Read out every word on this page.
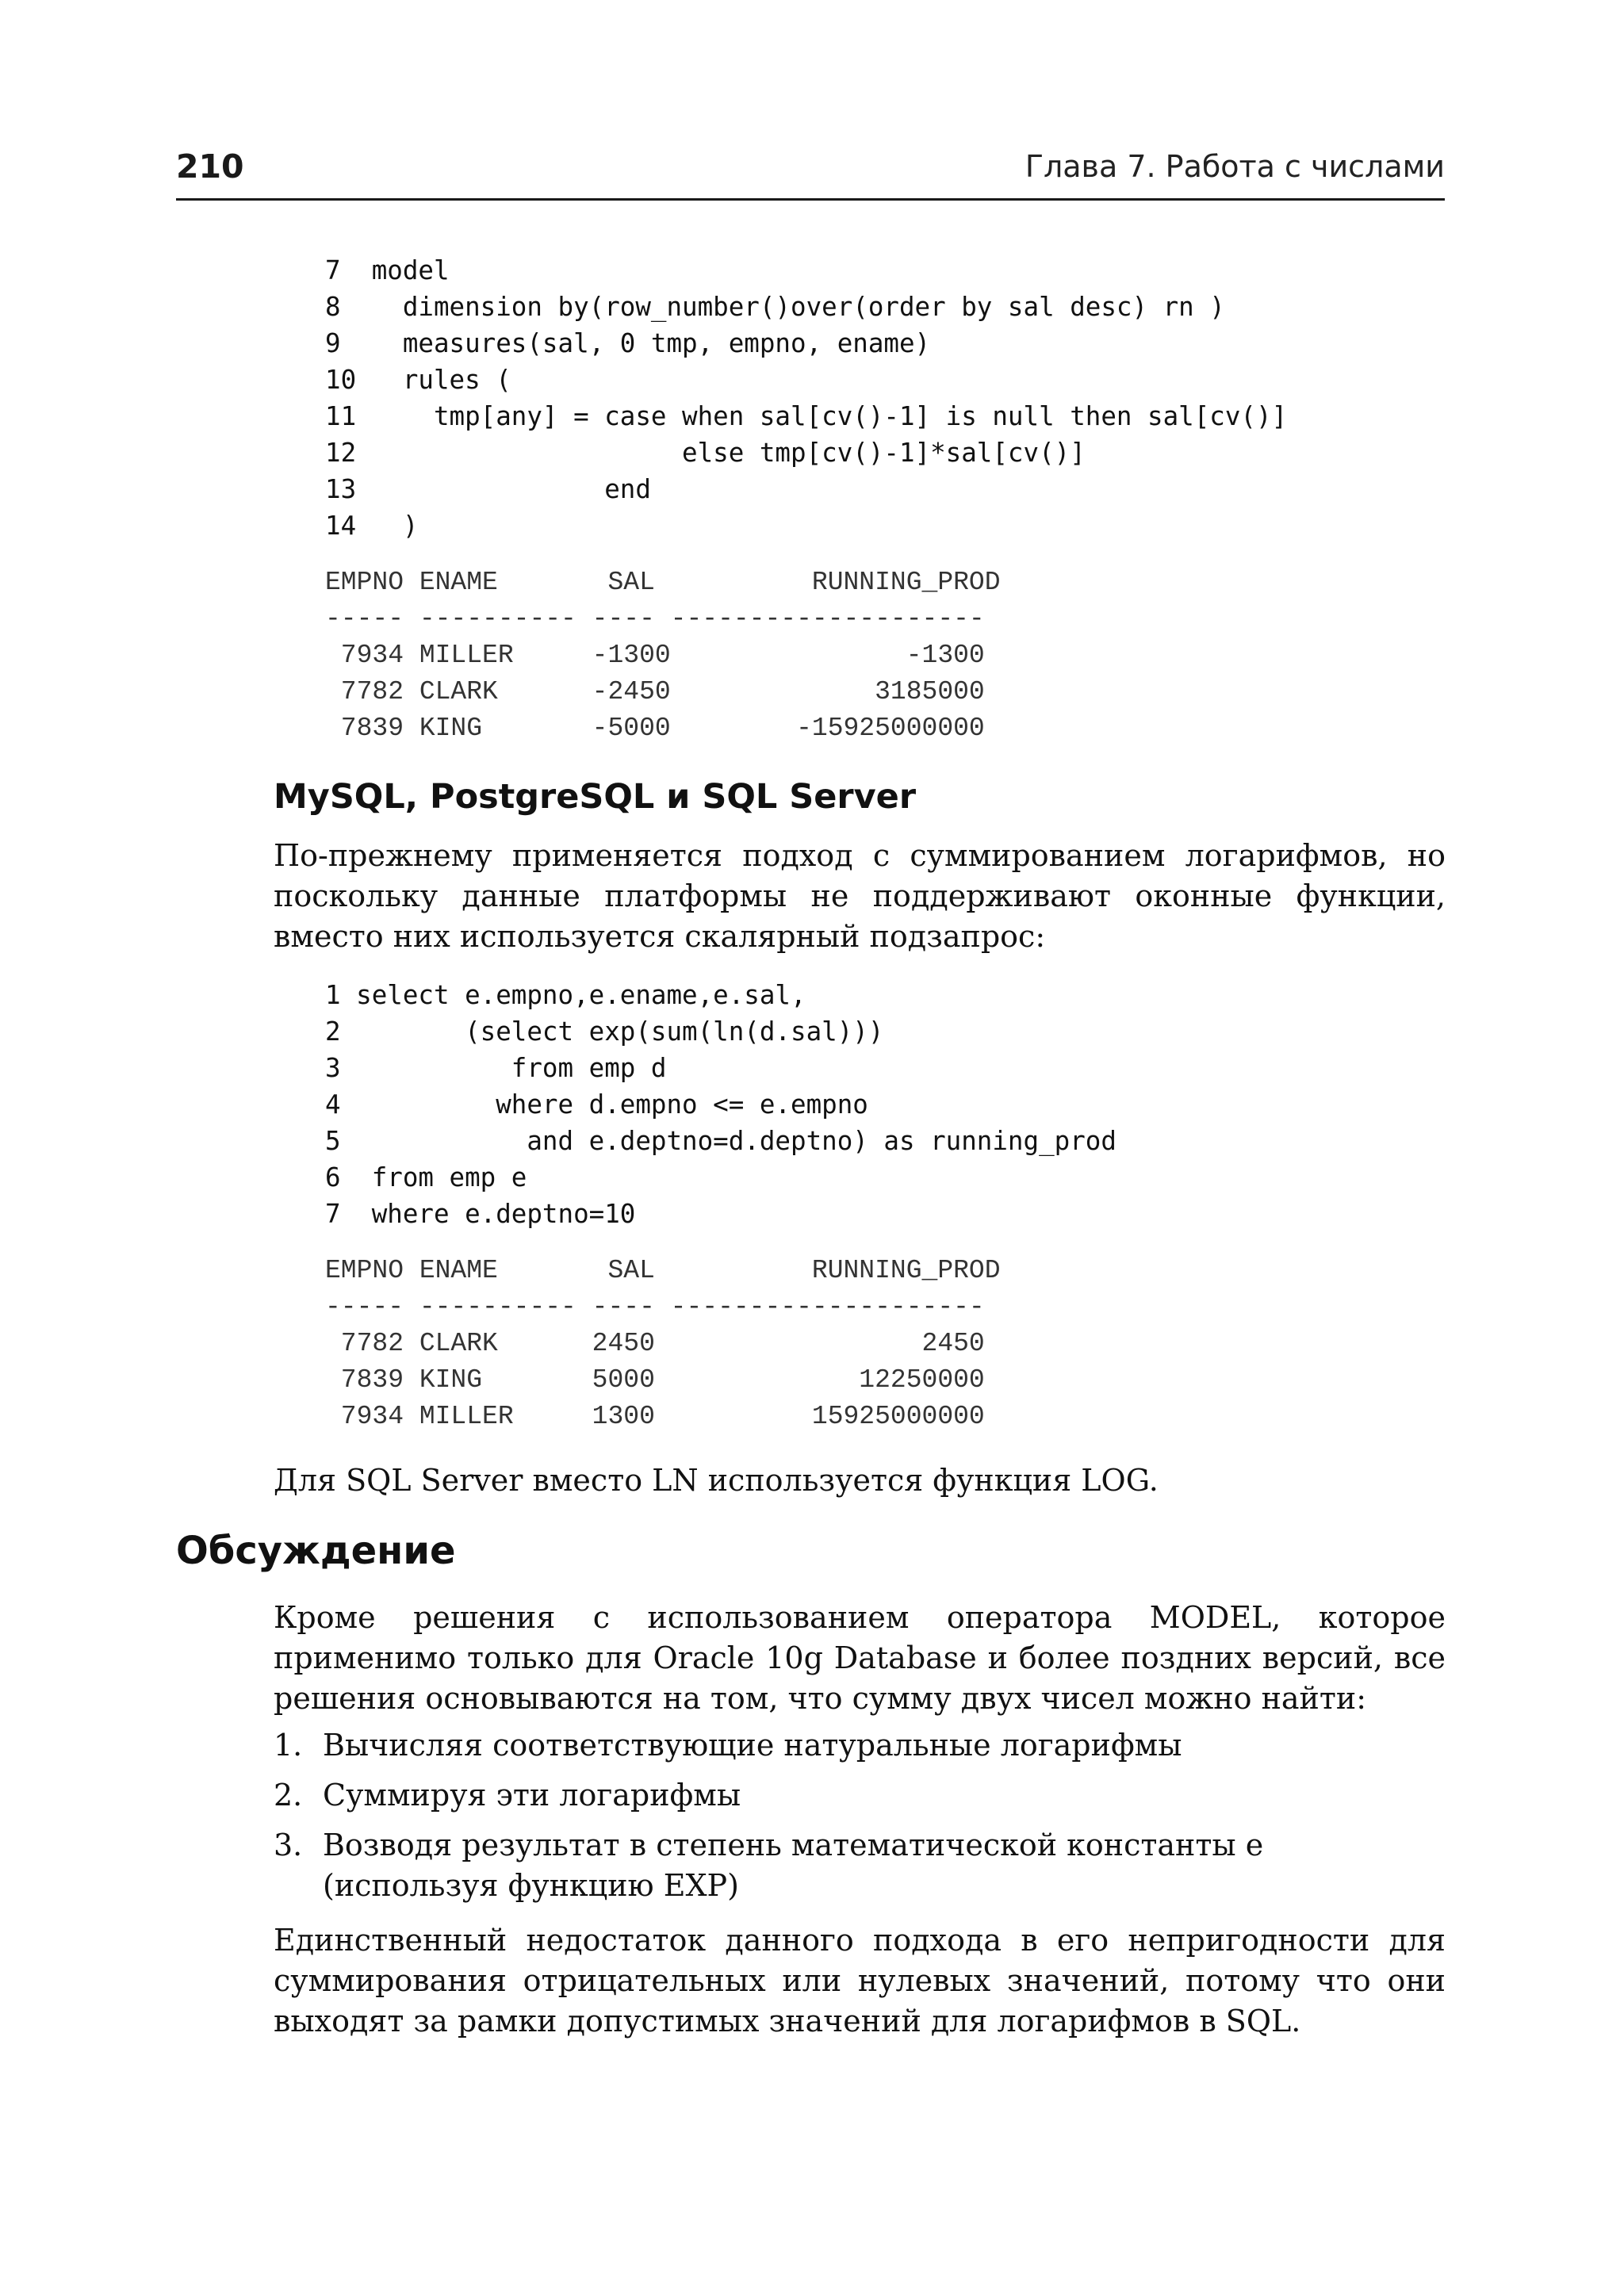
210	Глава 7. Работа с числами
7  model
8    dimension by(row_number()over(order by sal desc) rn )
9    measures(sal, 0 tmp, empno, ename)
10   rules (
11     tmp[any] = case when sal[cv()-1] is null then sal[cv()]
12                     else tmp[cv()-1]*sal[cv()]
13                end
14   )
EMPNO ENAME       SAL          RUNNING_PROD
----- ---------- ---- --------------------
7934 MILLER     -1300               -1300
7782 CLARK      -2450             3185000
7839 KING       -5000        -15925000000
MySQL, PostgreSQL и SQL Server

По-прежнему применяется подход с суммированием логарифмов, но поскольку данные платформы не поддерживают оконные функции, вместо них используется скалярный подзапрос:

1 select e.empno,e.ename,e.sal,
2        (select exp(sum(ln(d.sal)))
3           from emp d
4          where d.empno <= e.empno
5            and e.deptno=d.deptno) as running_prod
6  from emp e
7  where e.deptno=10
EMPNO ENAME       SAL          RUNNING_PROD
----- ---------- ---- --------------------
7782 CLARK      2450                 2450
7839 KING       5000             12250000
7934 MILLER     1300          15925000000

Для SQL Server вместо LN используется функция LOG.

Обсуждение

Кроме решения с использованием оператора MODEL, которое применимо только для Oracle 10g Database и более поздних версий, все решения основываются на том, что сумму двух чисел можно найти:

1. Вычисляя соответствующие натуральные логарифмы
2. Суммируя эти логарифмы
3. Возводя результат в степень математической константы e (используя функцию EXP)

Единственный недостаток данного подхода в его непригодности для суммирования отрицательных или нулевых значений, потому что они выходят за рамки допустимых значений для логарифмов в SQL.
